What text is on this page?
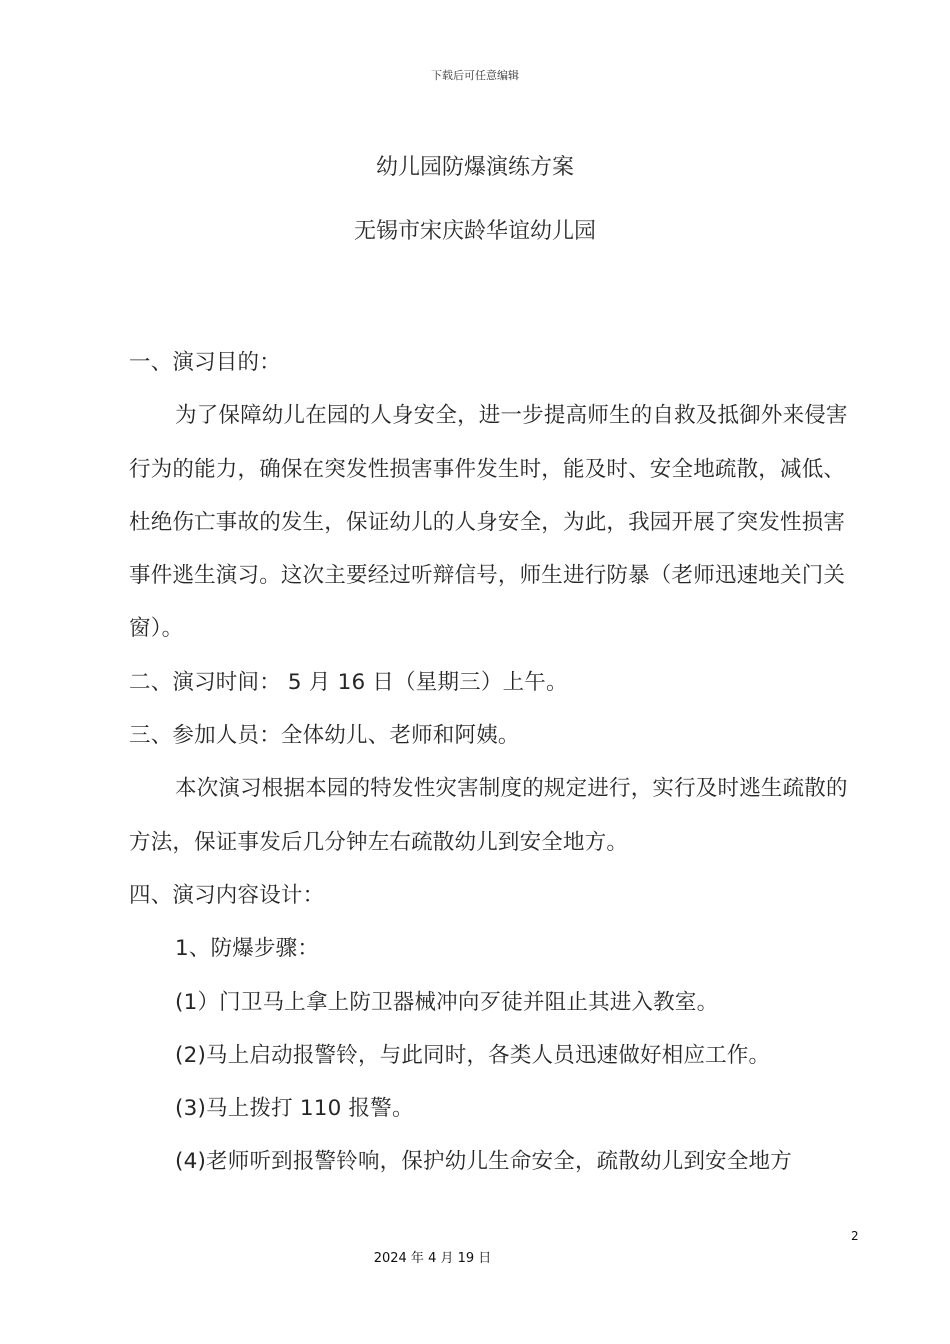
下载后可任意编辑
幼儿园防爆演练方案
无锡市宋庆龄华谊幼儿园

一、演习目的：

为了保障幼儿在园的人身安全，进一步提高师生的自救及抵御外来侵害行为的能力，确保在突发性损害事件发生时，能及时、安全地疏散，减低、杜绝伤亡事故的发生，保证幼儿的人身安全，为此，我园开展了突发性损害事件逃生演习。这次主要经过听辩信号，师生进行防暴（老师迅速地关门关窗）。

二、演习时间： 5 月 16 日（星期三）上午。

三、参加人员：全体幼儿、老师和阿姨。

本次演习根据本园的特发性灾害制度的规定进行，实行及时逃生疏散的方法，保证事发后几分钟左右疏散幼儿到安全地方。

四、演习内容设计：

1、防爆步骤：

(1）门卫马上拿上防卫器械冲向歹徒并阻止其进入教室。

(2)马上启动报警铃，与此同时，各类人员迅速做好相应工作。

(3)马上拨打 110 报警。

(4)老师听到报警铃响，保护幼儿生命安全，疏散幼儿到安全地方

2
2024 年 4 月 19 日
